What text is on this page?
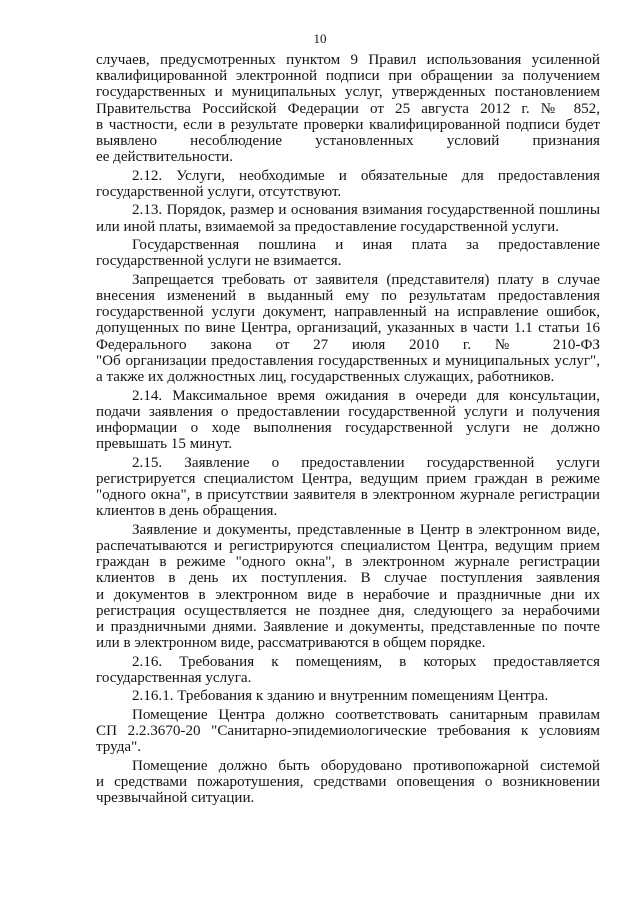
10

случаев, предусмотренных пунктом 9 Правил использования усиленной
квалифицированной электронной подписи при обращении за получением
государственных и муниципальных услуг, утвержденных постановлением
Правительства Российской Федерации от 25 августа 2012 г. № 852,
в частности, если в результате проверки квалифицированной подписи будет
выявлено несоблюдение установленных условий признания
ее действительности.

2.12. Услуги, необходимые и обязательные для предоставления
государственной услуги, отсутствуют.

2.13. Порядок, размер и основания взимания государственной пошлины
или иной платы, взимаемой за предоставление государственной услуги.

Государственная пошлина и иная плата за предоставление
государственной услуги не взимается.

Запрещается требовать от заявителя (представителя) плату в случае
внесения изменений в выданный ему по результатам предоставления
государственной услуги документ, направленный на исправление ошибок,
допущенных по вине Центра, организаций, указанных в части 1.1 статьи 16
Федерального закона от 27 июля 2010 г. № 210-ФЗ
"Об организации предоставления государственных и муниципальных услуг",
а также их должностных лиц, государственных служащих, работников.

2.14. Максимальное время ожидания в очереди для консультации,
подачи заявления о предоставлении государственной услуги и получения
информации о ходе выполнения государственной услуги не должно
превышать 15 минут.

2.15. Заявление о предоставлении государственной услуги
регистрируется специалистом Центра, ведущим прием граждан в режиме
"одного окна", в присутствии заявителя в электронном журнале регистрации
клиентов в день обращения.

Заявление и документы, представленные в Центр в электронном виде,
распечатываются и регистрируются специалистом Центра, ведущим прием
граждан в режиме "одного окна", в электронном журнале регистрации
клиентов в день их поступления. В случае поступления заявления
и документов в электронном виде в нерабочие и праздничные дни их
регистрация осуществляется не позднее дня, следующего за нерабочими
и праздничными днями. Заявление и документы, представленные по почте
или в электронном виде, рассматриваются в общем порядке.

2.16. Требования к помещениям, в которых предоставляется
государственная услуга.

2.16.1. Требования к зданию и внутренним помещениям Центра.

Помещение Центра должно соответствовать санитарным правилам
СП 2.2.3670-20 "Санитарно-эпидемиологические требования к условиям
труда".

Помещение должно быть оборудовано противопожарной системой
и средствами пожаротушения, средствами оповещения о возникновении
чрезвычайной ситуации.
